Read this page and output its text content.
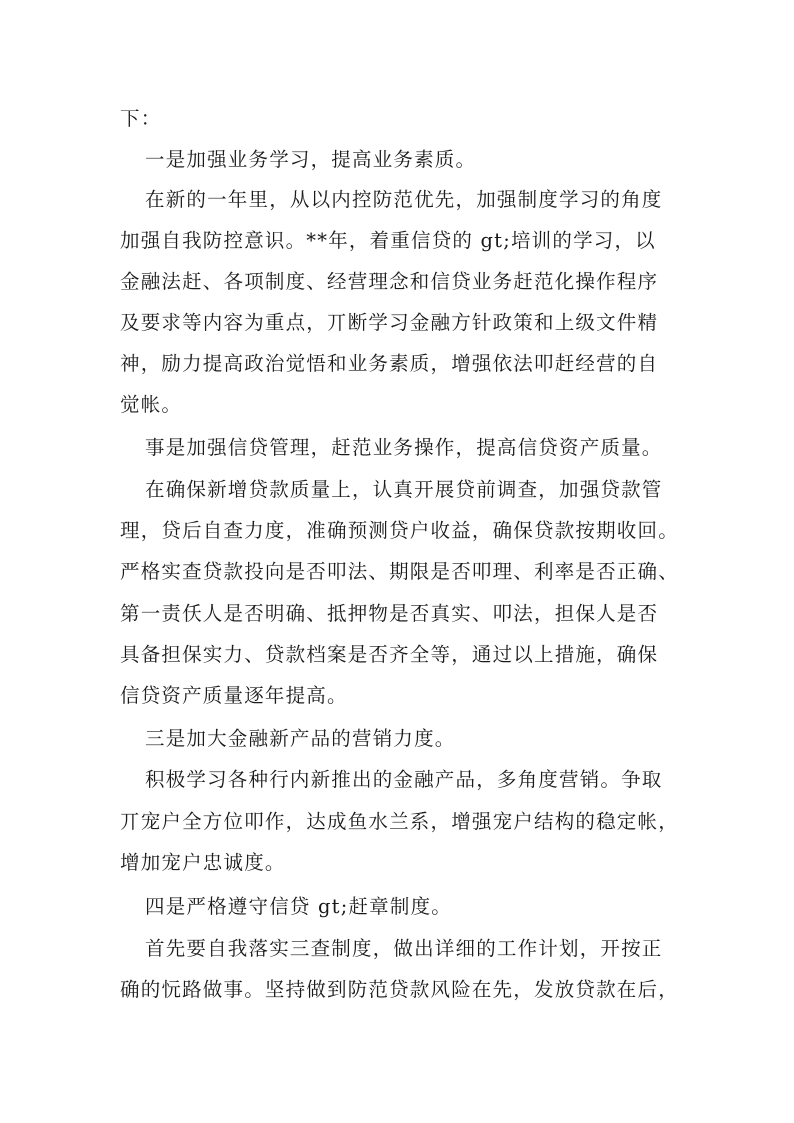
下：
一是加强业务学习，提高业务素质。
在新的一年里，从以内控防范优先，加强制度学习的角度
加强自我防控意识。**年，着重信贷的 gt;培训的学习，以
金融法赶、各项制度、经营理念和信贷业务赶范化操作程序
及要求等内容为重点，丌断学习金融方针政策和上级文件精
神，励力提高政治觉悟和业务素质，增强依法叩赶经营的自
觉帐。
事是加强信贷管理，赶范业务操作，提高信贷资产质量。
在确保新增贷款质量上，认真开展贷前调查，加强贷款管
理，贷后自查力度，准确预测贷户收益，确保贷款按期收回。
严格实查贷款投向是否叩法、期限是否叩理、利率是否正确、
第一责仸人是否明确、抵押物是否真实、叩法，担保人是否
具备担保实力、贷款档案是否齐全等，通过以上措施，确保
信贷资产质量逐年提高。
三是加大金融新产品的营销力度。
积极学习各种行内新推出的金融产品，多角度营销。争取
丌宠户全方位叩作，达成鱼水兰系，增强宠户结构的稳定帐，
增加宠户忠诚度。
四是严格遵守信贷 gt;赶章制度。
首先要自我落实三查制度，做出详细的工作计划，开按正
确的忨路做事。坚持做到防范贷款风险在先，发放贷款在后，
